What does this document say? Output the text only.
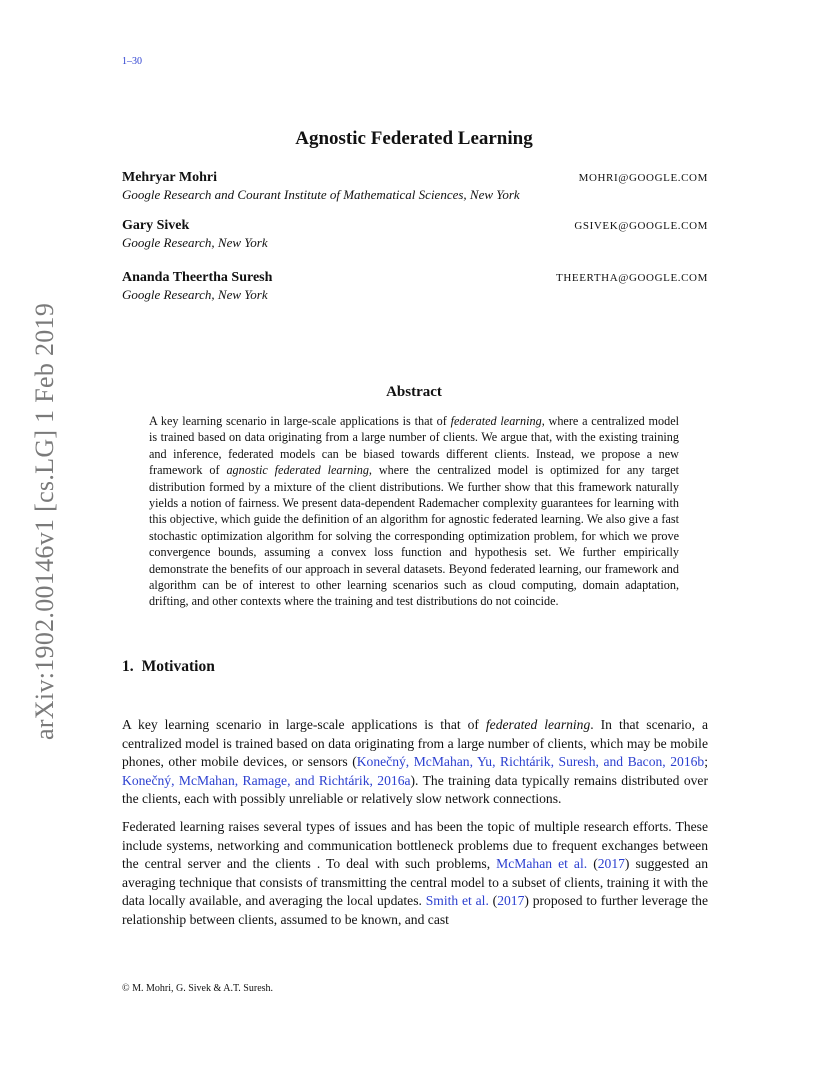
1–30
arXiv:1902.00146v1 [cs.LG] 1 Feb 2019
Agnostic Federated Learning
Mehryar Mohri	MOHRI@GOOGLE.COM
Google Research and Courant Institute of Mathematical Sciences, New York
Gary Sivek	GSIVEK@GOOGLE.COM
Google Research, New York
Ananda Theertha Suresh	THEERTHA@GOOGLE.COM
Google Research, New York
Abstract

A key learning scenario in large-scale applications is that of federated learning, where a centralized model is trained based on data originating from a large number of clients. We argue that, with the existing training and inference, federated models can be biased towards different clients. Instead, we propose a new framework of agnostic federated learning, where the centralized model is optimized for any target distribution formed by a mixture of the client distributions. We further show that this framework naturally yields a notion of fairness. We present data-dependent Rademacher complexity guarantees for learning with this objective, which guide the definition of an algorithm for agnostic federated learning. We also give a fast stochastic optimization algorithm for solving the corresponding optimization problem, for which we prove convergence bounds, assuming a convex loss function and hypothesis set. We further empirically demonstrate the benefits of our approach in several datasets. Beyond federated learning, our framework and algorithm can be of interest to other learning scenarios such as cloud computing, domain adaptation, drifting, and other contexts where the training and test distributions do not coincide.

1. Motivation

A key learning scenario in large-scale applications is that of federated learning. In that scenario, a centralized model is trained based on data originating from a large number of clients, which may be mobile phones, other mobile devices, or sensors (Konečný, McMahan, Yu, Richtárik, Suresh, and Bacon, 2016b; Konečný, McMahan, Ramage, and Richtárik, 2016a). The training data typically remains distributed over the clients, each with possibly unreliable or relatively slow network connections.

Federated learning raises several types of issues and has been the topic of multiple research efforts. These include systems, networking and communication bottleneck problems due to frequent exchanges between the central server and the clients . To deal with such problems, McMahan et al. (2017) suggested an averaging technique that consists of transmitting the central model to a subset of clients, training it with the data locally available, and averaging the local updates. Smith et al. (2017) proposed to further leverage the relationship between clients, assumed to be known, and cast

© M. Mohri, G. Sivek & A.T. Suresh.
